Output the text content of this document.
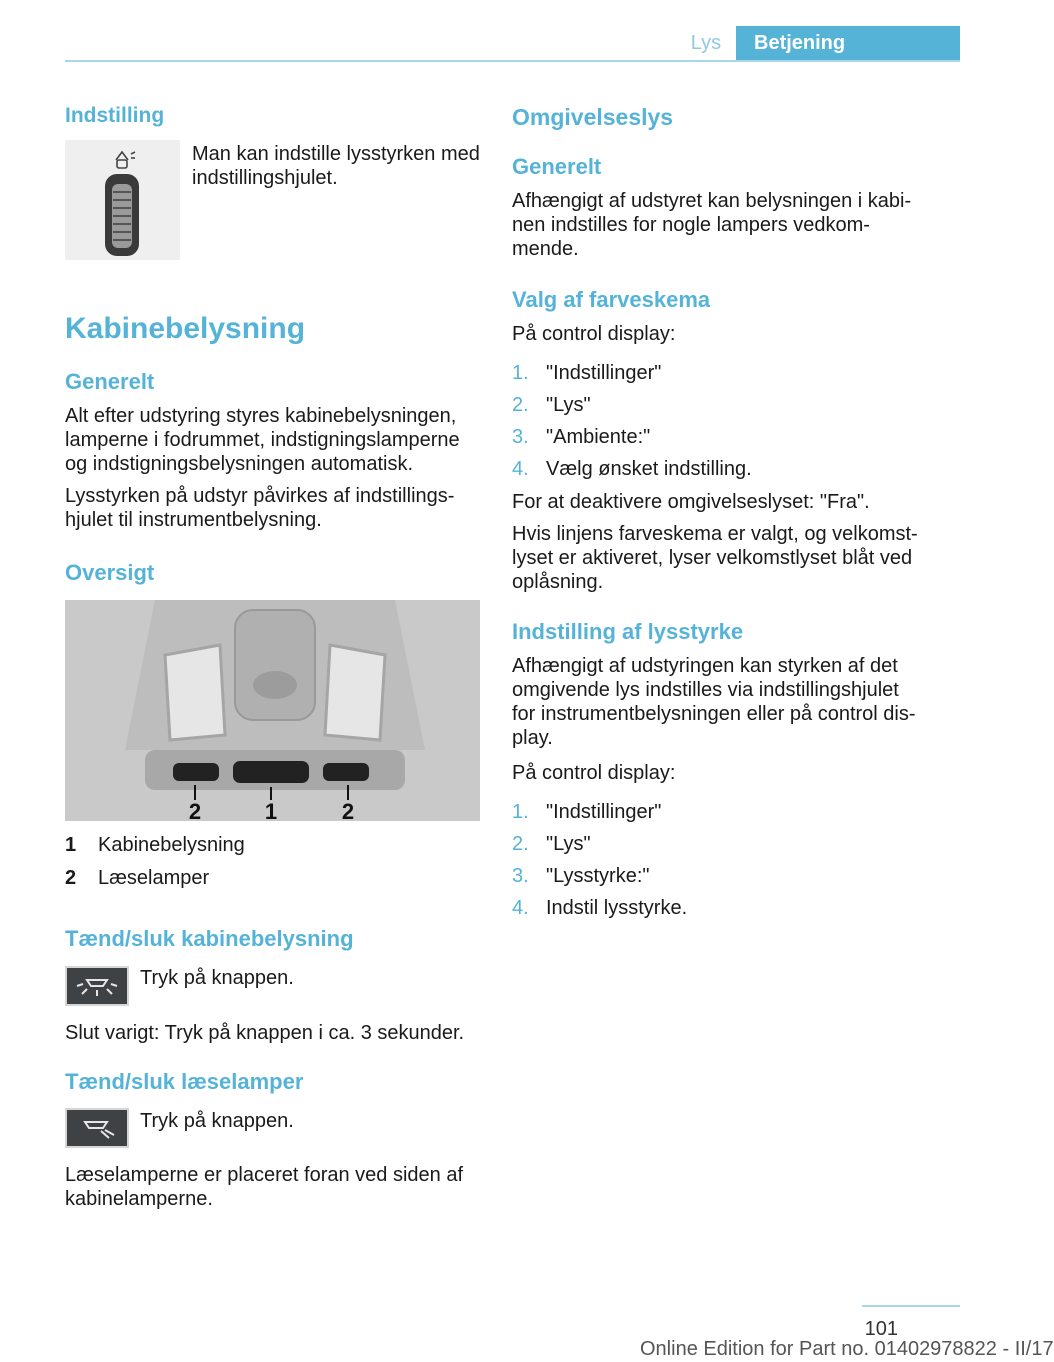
Lys	Betjening
Indstilling
Man kan indstille lysstyrken med indstillingshjulet.
Kabinebelysning
Generelt

Alt efter udstyring styres kabinebelysningen, lamperne i fodrummet, indstigningslamperne og indstigningsbelysningen automatisk.

Lysstyrken på udstyr påvirkes af indstillingshjulet til instrumentbelysning.

Oversigt
2	1	2
1	Kabinebelysning
2	Læselamper
Tænd/sluk kabinebelysning
Tryk på knappen.
Slut varigt: Tryk på knappen i ca. 3 sekunder.
Tænd/sluk læselamper
Tryk på knappen.
Læselamperne er placeret foran ved siden af kabinelamperne.
Omgivelseslys
Generelt
Afhængigt af udstyret kan belysningen i kabinen indstilles for nogle lampers vedkommende.
Valg af farveskema
På control display:
1. "Indstillinger"
2. "Lys"
3. "Ambiente:"
4. Vælg ønsket indstilling.

For at deaktivere omgivelseslyset: "Fra".

Hvis linjens farveskema er valgt, og velkomstlyset er aktiveret, lyser velkomstlyset blåt ved oplåsning.

Indstilling af lysstyrke
Afhængigt af udstyringen kan styrken af det omgivende lys indstilles via indstillingshjulet for instrumentbelysningen eller på control display.
På control display:
1. "Indstillinger"
2. "Lys"
3. "Lysstyrke:"
4. Indstil lysstyrke.
101
Online Edition for Part no. 01402978822 - II/17
